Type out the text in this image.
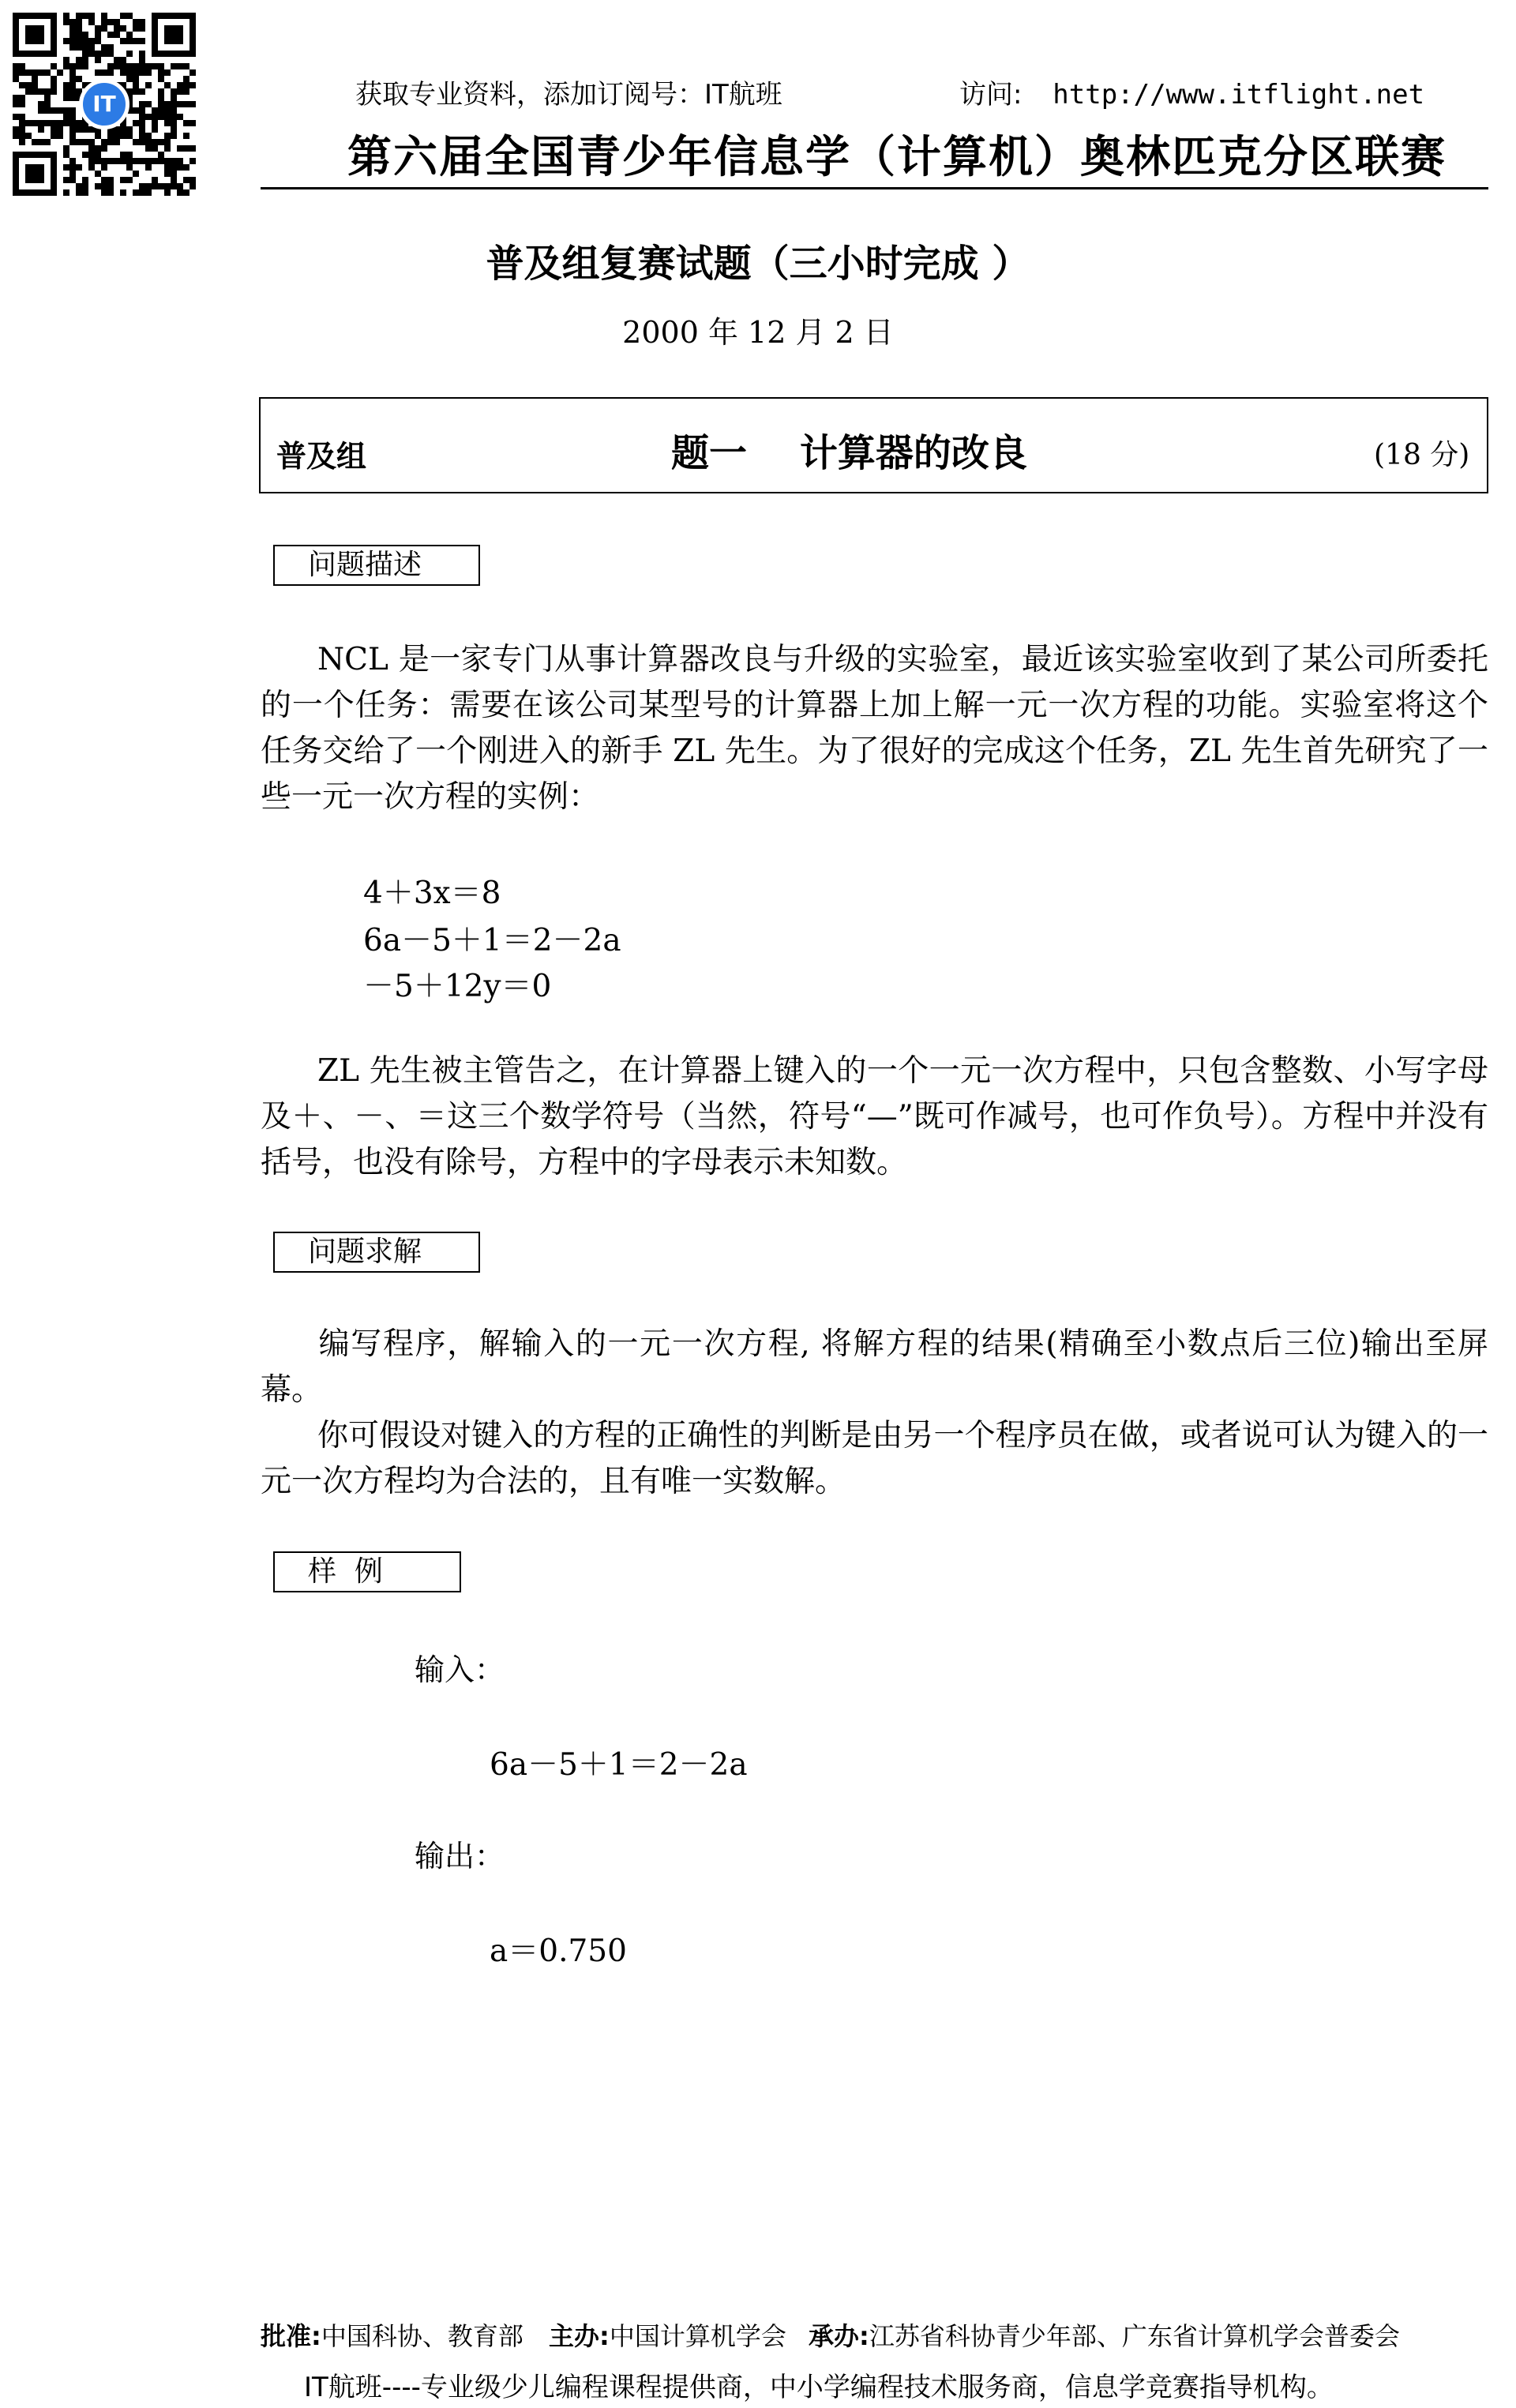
IT	获取专业资料，添加订阅号：IT航班	访问: http://www.itflight.net
第六届全国青少年信息学（计算机）奥林匹克分区联赛
普及组复赛试题（三小时完成 ）
2000 年 12 月 2 日
普及组	题一    计算器的改良	(18 分)
问题描述
NCL 是一家专门从事计算器改良与升级的实验室，最近该实验室收到了某公司所委托的一个任务：需要在该公司某型号的计算器上加上解一元一次方程的功能。实验室将这个任务交给了一个刚进入的新手 ZL 先生。为了很好的完成这个任务，ZL 先生首先研究了一些一元一次方程的实例：
4＋3x＝8
6a－5＋1＝2－2a
－5＋12y＝0
ZL 先生被主管告之，在计算器上键入的一个一元一次方程中，只包含整数、小写字母及＋、－、＝这三个数学符号（当然，符号“—”既可作减号，也可作负号）。方程中并没有括号，也没有除号，方程中的字母表示未知数。
问题求解
编写程序，解输入的一元一次方程, 将解方程的结果(精确至小数点后三位)输出至屏幕。
你可假设对键入的方程的正确性的判断是由另一个程序员在做，或者说可认为键入的一元一次方程均为合法的，且有唯一实数解。
样  例
输入：
6a－5＋1＝2－2a
输出：
a＝0.750
批准:中国科协、教育部 主办:中国计算机学会 承办:江苏省科协青少年部、广东省计算机学会普委会
IT航班----专业级少儿编程课程提供商，中小学编程技术服务商，信息学竞赛指导机构。
